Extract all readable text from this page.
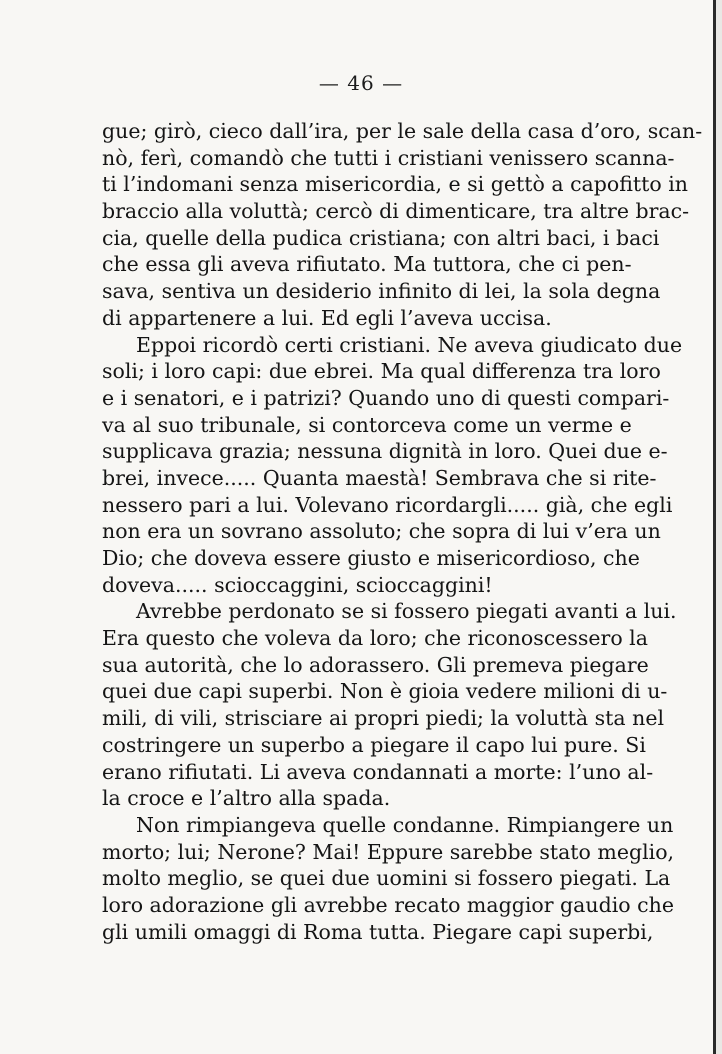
— 46 —

gue; girò, cieco dall’ira, per le sale della casa d’oro, scan-
nò, ferì, comandò che tutti i cristiani venissero scanna-
ti l’indomani senza misericordia, e si gettò a capofitto in
braccio alla voluttà; cercò di dimenticare, tra altre brac-
cia, quelle della pudica cristiana; con altri baci, i baci
che essa gli aveva rifiutato. Ma tuttora, che ci pen-
sava, sentiva un desiderio infinito di lei, la sola degna
di appartenere a lui. Ed egli l’aveva uccisa.
Eppoi ricordò certi cristiani. Ne aveva giudicato due
soli; i loro capi: due ebrei. Ma qual differenza tra loro
e i senatori, e i patrizi? Quando uno di questi compari-
va al suo tribunale, si contorceva come un verme e
supplicava grazia; nessuna dignità in loro. Quei due e-
brei, invece..... Quanta maestà! Sembrava che si rite-
nessero pari a lui. Volevano ricordargli..... già, che egli
non era un sovrano assoluto; che sopra di lui v’era un
Dio; che doveva essere giusto e misericordioso, che
doveva..... scioccaggini, scioccaggini!
Avrebbe perdonato se si fossero piegati avanti a lui.
Era questo che voleva da loro; che riconoscessero la
sua autorità, che lo adorassero. Gli premeva piegare
quei due capi superbi. Non è gioia vedere milioni di u-
mili, di vili, strisciare ai propri piedi; la voluttà sta nel
costringere un superbo a piegare il capo lui pure. Si
erano rifiutati. Li aveva condannati a morte: l’uno al-
la croce e l’altro alla spada.
Non rimpiangeva quelle condanne. Rimpiangere un
morto; lui; Nerone? Mai! Eppure sarebbe stato meglio,
molto meglio, se quei due uomini si fossero piegati. La
loro adorazione gli avrebbe recato maggior gaudio che
gli umili omaggi di Roma tutta. Piegare capi superbi,
